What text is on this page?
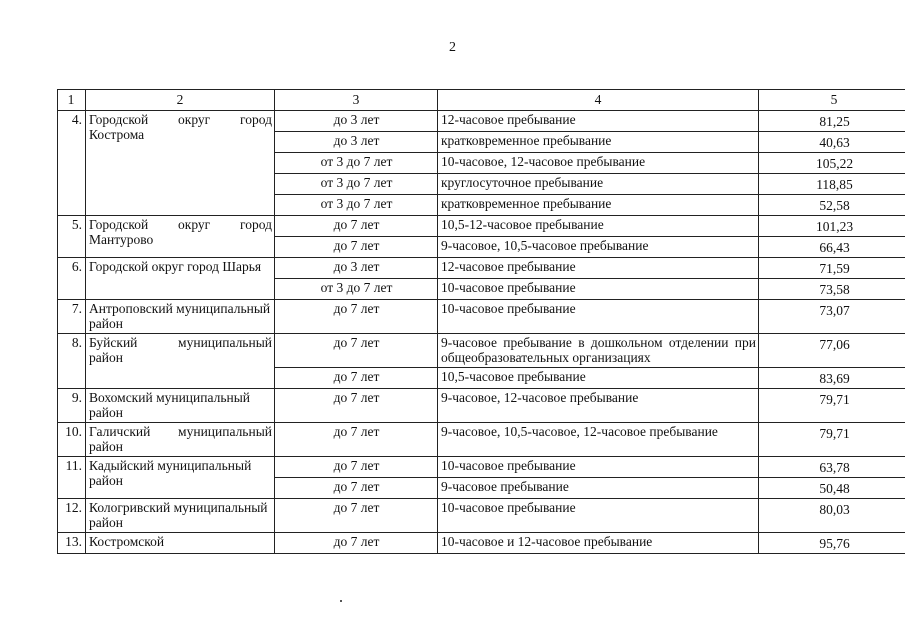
2
1	2	3	4	5
4.	Городской округ город Кострома	до 3 лет	12-часовое пребывание	81,25
		до 3 лет	кратковременное пребывание	40,63
		от 3 до 7 лет	10-часовое, 12-часовое пребывание	105,22
		от 3 до 7 лет	круглосуточное пребывание	118,85
		от 3 до 7 лет	кратковременное пребывание	52,58
5.	Городской округ город Мантурово	до 7 лет	10,5-12-часовое пребывание	101,23
		до 7 лет	9-часовое, 10,5-часовое пребывание	66,43
6.	Городской округ город Шарья	до 3 лет	12-часовое пребывание	71,59
		от 3 до 7 лет	10-часовое пребывание	73,58
7.	Антроповский муниципальный район	до 7 лет	10-часовое пребывание	73,07
8.	Буйский муниципальный район	до 7 лет	9-часовое пребывание в дошкольном отделении при общеобразовательных организациях	77,06
		до 7 лет	10,5-часовое пребывание	83,69
9.	Вохомский муниципальный район	до 7 лет	9-часовое, 12-часовое пребывание	79,71
10.	Галичский муниципальный район	до 7 лет	9-часовое, 10,5-часовое, 12-часовое пребывание	79,71
11.	Кадыйский муниципальный район	до 7 лет	10-часовое пребывание	63,78
		до 7 лет	9-часовое пребывание	50,48
12.	Кологривский муниципальный район	до 7 лет	10-часовое пребывание	80,03
13.	Костромской	до 7 лет	10-часовое и 12-часовое пребывание	95,76
